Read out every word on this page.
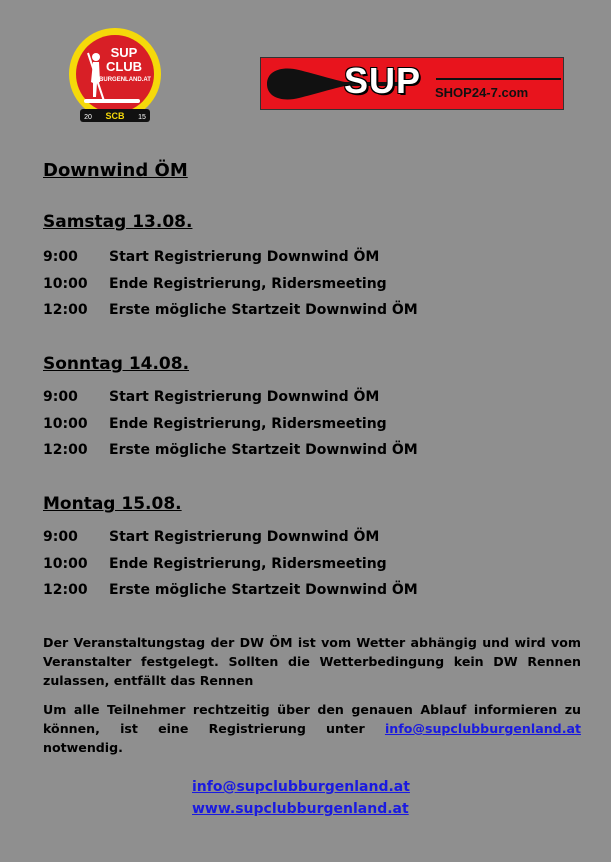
SUP
CLUB
BURGENLAND.AT
SCB
20	15
SUP SHOP24-7.com
Downwind ÖM
Samstag 13.08.
9:00	Start Registrierung Downwind ÖM
10:00	Ende Registrierung, Ridersmeeting
12:00	Erste mögliche Startzeit Downwind ÖM
Sonntag 14.08.
9:00	Start Registrierung Downwind ÖM
10:00	Ende Registrierung, Ridersmeeting
12:00	Erste mögliche Startzeit Downwind ÖM
Montag 15.08.
9:00	Start Registrierung Downwind ÖM
10:00	Ende Registrierung, Ridersmeeting
12:00	Erste mögliche Startzeit Downwind ÖM

Der Veranstaltungstag der DW ÖM ist vom Wetter abhängig und wird vom Veranstalter festgelegt. Sollten die Wetterbedingung kein DW Rennen zulassen, entfällt das Rennen

Um alle Teilnehmer rechtzeitig über den genauen Ablauf informieren zu können, ist eine Registrierung unter info@supclubburgenland.at notwendig.

info@supclubburgenland.at
www.supclubburgenland.at
